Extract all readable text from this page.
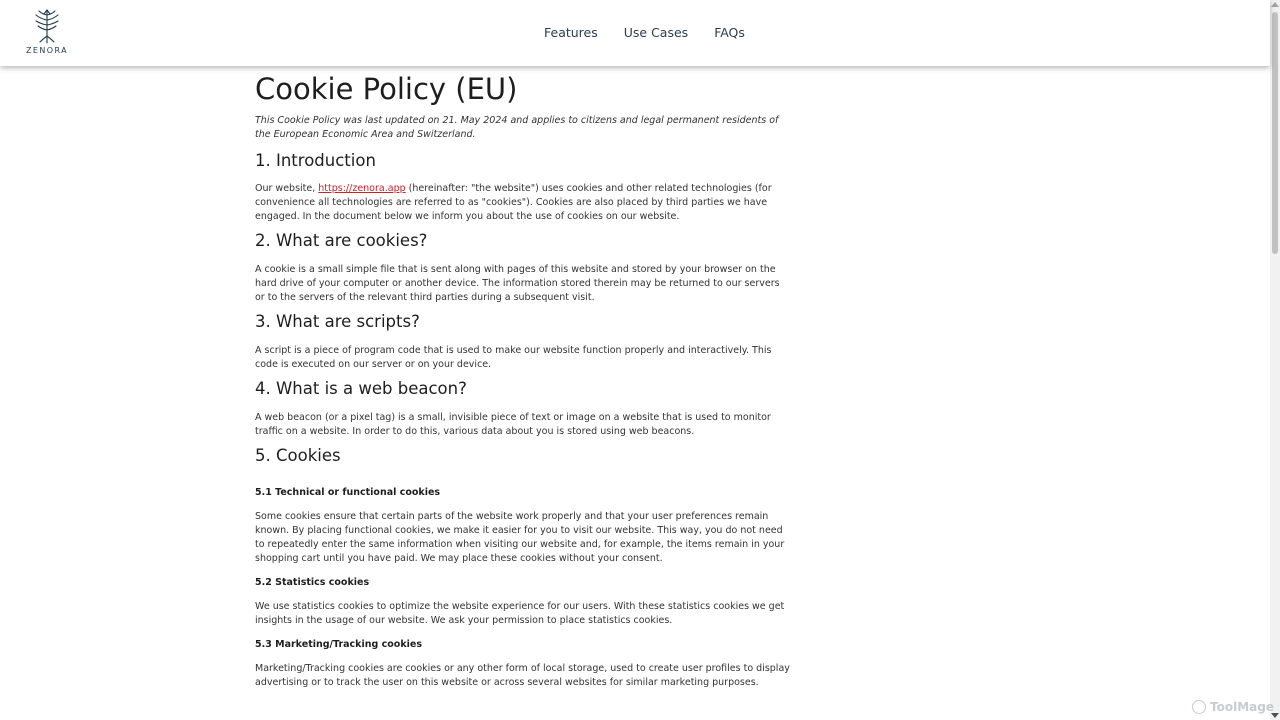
ZENORA
Features Use Cases FAQs
Cookie Policy (EU)

This Cookie Policy was last updated on 21. May 2024 and applies to citizens and legal permanent residents of the European Economic Area and Switzerland.

1. Introduction

Our website, https://zenora.app (hereinafter: "the website") uses cookies and other related technologies (for convenience all technologies are referred to as "cookies"). Cookies are also placed by third parties we have engaged. In the document below we inform you about the use of cookies on our website.

2. What are cookies?

A cookie is a small simple file that is sent along with pages of this website and stored by your browser on the hard drive of your computer or another device. The information stored therein may be returned to our servers or to the servers of the relevant third parties during a subsequent visit.

3. What are scripts?

A script is a piece of program code that is used to make our website function properly and interactively. This code is executed on our server or on your device.

4. What is a web beacon?

A web beacon (or a pixel tag) is a small, invisible piece of text or image on a website that is used to monitor traffic on a website. In order to do this, various data about you is stored using web beacons.

5. Cookies
5.1 Technical or functional cookies

Some cookies ensure that certain parts of the website work properly and that your user preferences remain known. By placing functional cookies, we make it easier for you to visit our website. This way, you do not need to repeatedly enter the same information when visiting our website and, for example, the items remain in your shopping cart until you have paid. We may place these cookies without your consent.

5.2 Statistics cookies

We use statistics cookies to optimize the website experience for our users. With these statistics cookies we get insights in the usage of our website. We ask your permission to place statistics cookies.

5.3 Marketing/Tracking cookies

Marketing/Tracking cookies are cookies or any other form of local storage, used to create user profiles to display advertising or to track the user on this website or across several websites for similar marketing purposes.

ToolMage
